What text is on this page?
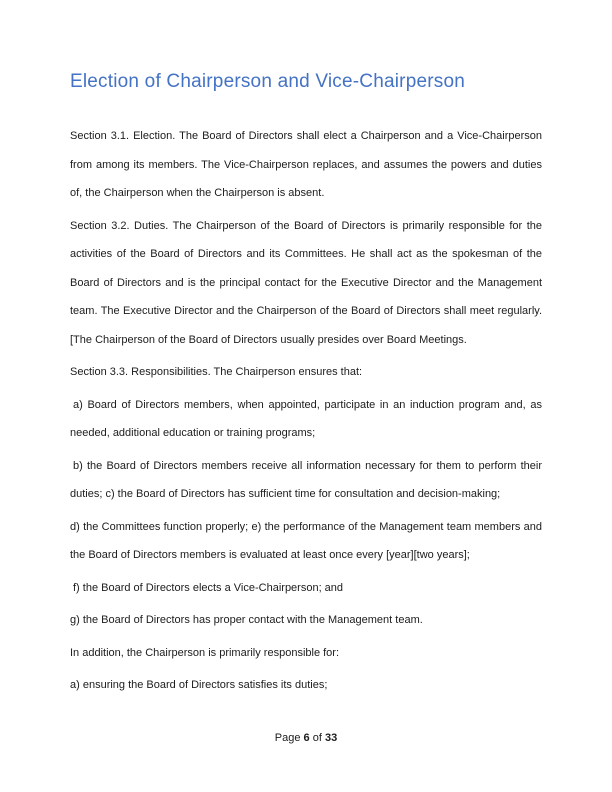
Election of Chairperson and Vice-Chairperson

Section 3.1. Election. The Board of Directors shall elect a Chairperson and a Vice-Chairperson from among its members. The Vice-Chairperson replaces, and assumes the powers and duties of, the Chairperson when the Chairperson is absent.

Section 3.2. Duties. The Chairperson of the Board of Directors is primarily responsible for the activities of the Board of Directors and its Committees. He shall act as the spokesman of the Board of Directors and is the principal contact for the Executive Director and the Management team. The Executive Director and the Chairperson of the Board of Directors shall meet regularly. [The Chairperson of the Board of Directors usually presides over Board Meetings.

Section 3.3. Responsibilities. The Chairperson ensures that:

a) Board of Directors members, when appointed, participate in an induction program and, as needed, additional education or training programs;

b) the Board of Directors members receive all information necessary for them to perform their duties; c) the Board of Directors has sufficient time for consultation and decision-making;

d) the Committees function properly; e) the performance of the Management team members and the Board of Directors members is evaluated at least once every [year][two years];

f) the Board of Directors elects a Vice-Chairperson; and

g) the Board of Directors has proper contact with the Management team.

In addition, the Chairperson is primarily responsible for:

a) ensuring the Board of Directors satisfies its duties;

Page 6 of 33
